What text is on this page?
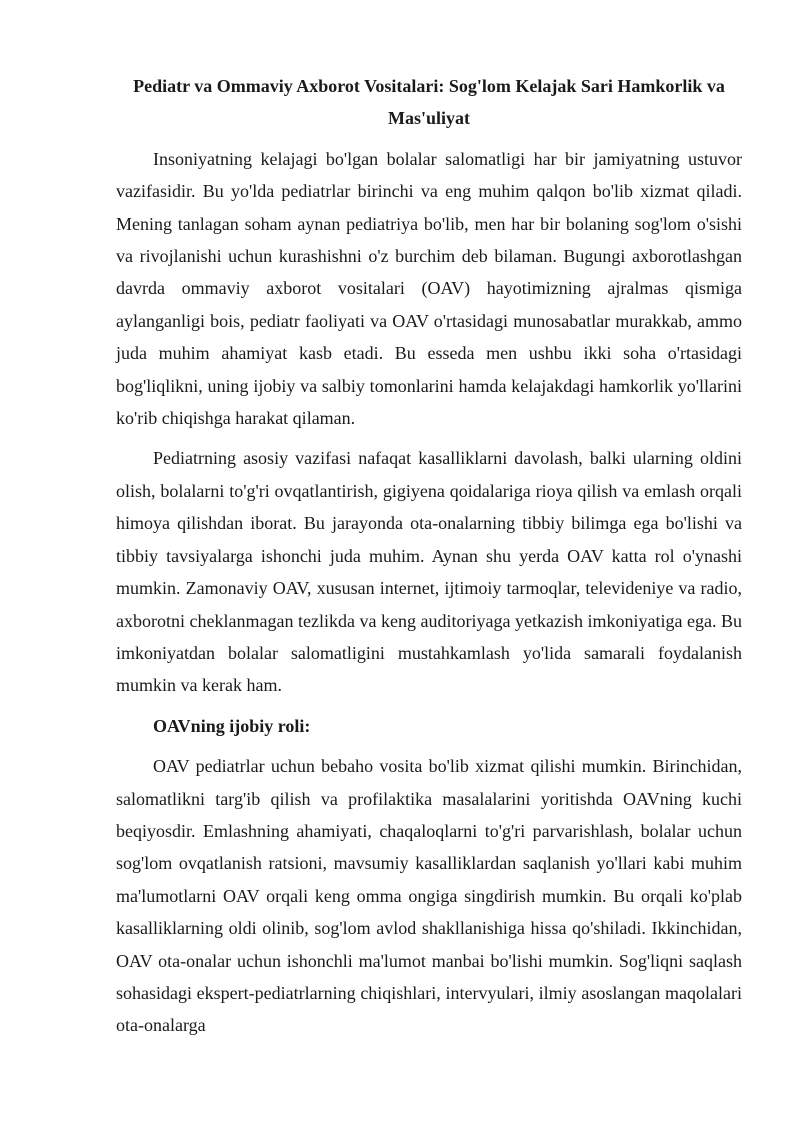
Pediatr va Ommaviy Axborot Vositalari: Sog'lom Kelajak Sari Hamkorlik va Mas'uliyat

Insoniyatning kelajagi bo'lgan bolalar salomatligi har bir jamiyatning ustuvor vazifasidir. Bu yo'lda pediatrlar birinchi va eng muhim qalqon bo'lib xizmat qiladi. Mening tanlagan soham aynan pediatriya bo'lib, men har bir bolaning sog'lom o'sishi va rivojlanishi uchun kurashishni o'z burchim deb bilaman. Bugungi axborotlashgan davrda ommaviy axborot vositalari (OAV) hayotimizning ajralmas qismiga aylanganligi bois, pediatr faoliyati va OAV o'rtasidagi munosabatlar murakkab, ammo juda muhim ahamiyat kasb etadi. Bu esseda men ushbu ikki soha o'rtasidagi bog'liqlikni, uning ijobiy va salbiy tomonlarini hamda kelajakdagi hamkorlik yo'llarini ko'rib chiqishga harakat qilaman.

Pediatrning asosiy vazifasi nafaqat kasalliklarni davolash, balki ularning oldini olish, bolalarni to'g'ri ovqatlantirish, gigiyena qoidalariga rioya qilish va emlash orqali himoya qilishdan iborat. Bu jarayonda ota-onalarning tibbiy bilimga ega bo'lishi va tibbiy tavsiyalarga ishonchi juda muhim. Aynan shu yerda OAV katta rol o'ynashi mumkin. Zamonaviy OAV, xususan internet, ijtimoiy tarmoqlar, televideniye va radio, axborotni cheklanmagan tezlikda va keng auditoriyaga yetkazish imkoniyatiga ega. Bu imkoniyatdan bolalar salomatligini mustahkamlash yo'lida samarali foydalanish mumkin va kerak ham.

OAVning ijobiy roli:

OAV pediatrlar uchun bebaho vosita bo'lib xizmat qilishi mumkin. Birinchidan, salomatlikni targ'ib qilish va profilaktika masalalarini yoritishda OAVning kuchi beqiyosdir. Emlashning ahamiyati, chaqaloqlarni to'g'ri parvarishlash, bolalar uchun sog'lom ovqatlanish ratsioni, mavsumiy kasalliklardan saqlanish yo'llari kabi muhim ma'lumotlarni OAV orqali keng omma ongiga singdirish mumkin. Bu orqali ko'plab kasalliklarning oldi olinib, sog'lom avlod shakllanishiga hissa qo'shiladi. Ikkinchidan, OAV ota-onalar uchun ishonchli ma'lumot manbai bo'lishi mumkin. Sog'liqni saqlash sohasidagi ekspert-pediatrlarning chiqishlari, intervyulari, ilmiy asoslangan maqolalari ota-onalarga
